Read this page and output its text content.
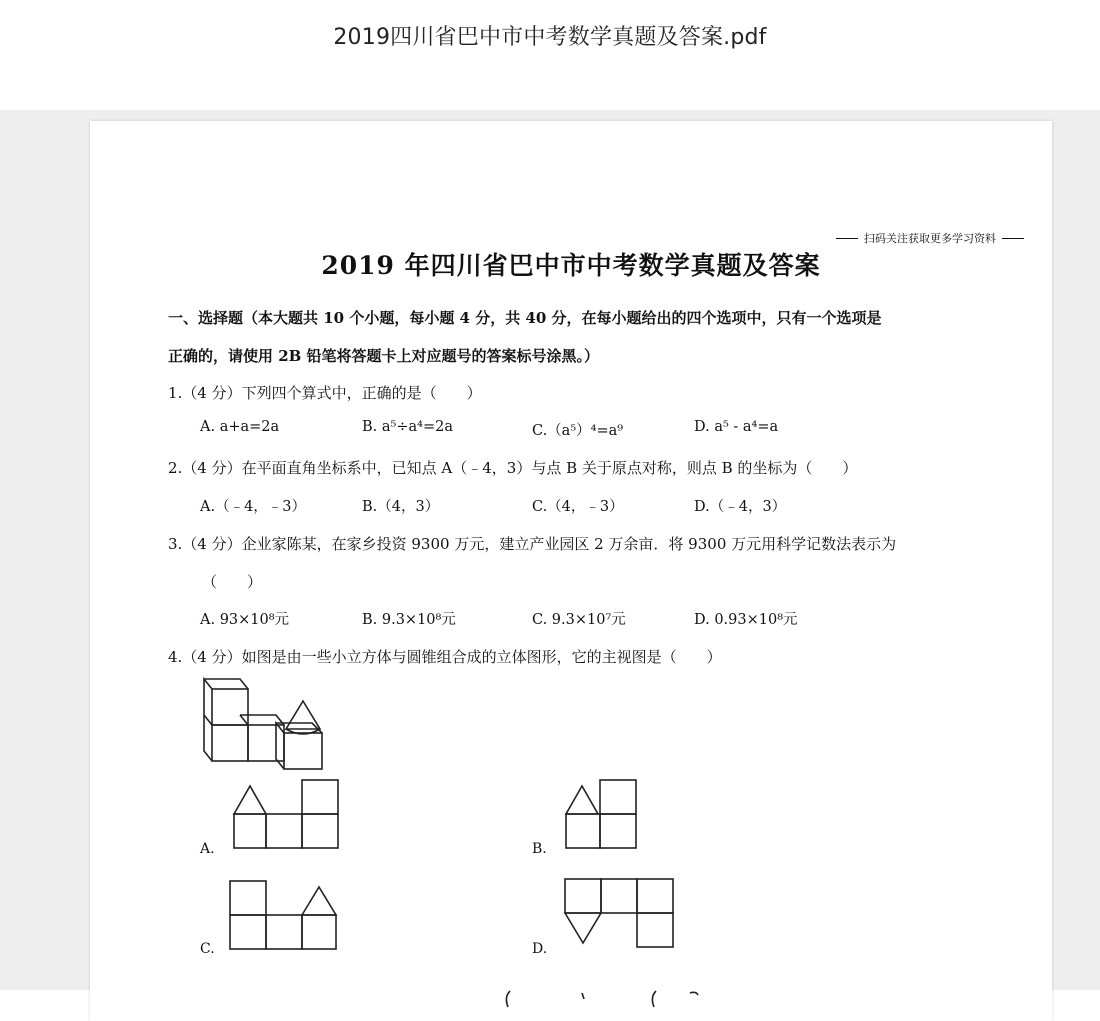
2019四川省巴中市中考数学真题及答案.pdf
扫码关注获取更多学习资料
2019 年四川省巴中市中考数学真题及答案
一、选择题（本大题共 10 个小题，每小题 4 分，共 40 分，在每小题给出的四个选项中，只有一个选项是
正确的，请使用 2B 铅笔将答题卡上对应题号的答案标号涂黑。）
1.（4 分）下列四个算式中，正确的是（　　）
A. a+a=2a	B. a⁵÷a⁴=2a	C.（a⁵）⁴=a⁹	D. a⁵ - a⁴=a
2.（4 分）在平面直角坐标系中，已知点 A（﹣4，3）与点 B 关于原点对称，则点 B 的坐标为（　　）
A.（﹣4，﹣3）	B.（4，3）	C.（4，﹣3）	D.（﹣4，3）
3.（4 分）企业家陈某，在家乡投资 9300 万元，建立产业园区 2 万余亩．将 9300 万元用科学记数法表示为
（　　）
A. 93×10⁸元	B. 9.3×10⁸元	C. 9.3×10⁷元	D. 0.93×10⁸元
4.（4 分）如图是由一些小立方体与圆锥组合成的立体图形，它的主视图是（　　）
A.	B.
C.	D.
